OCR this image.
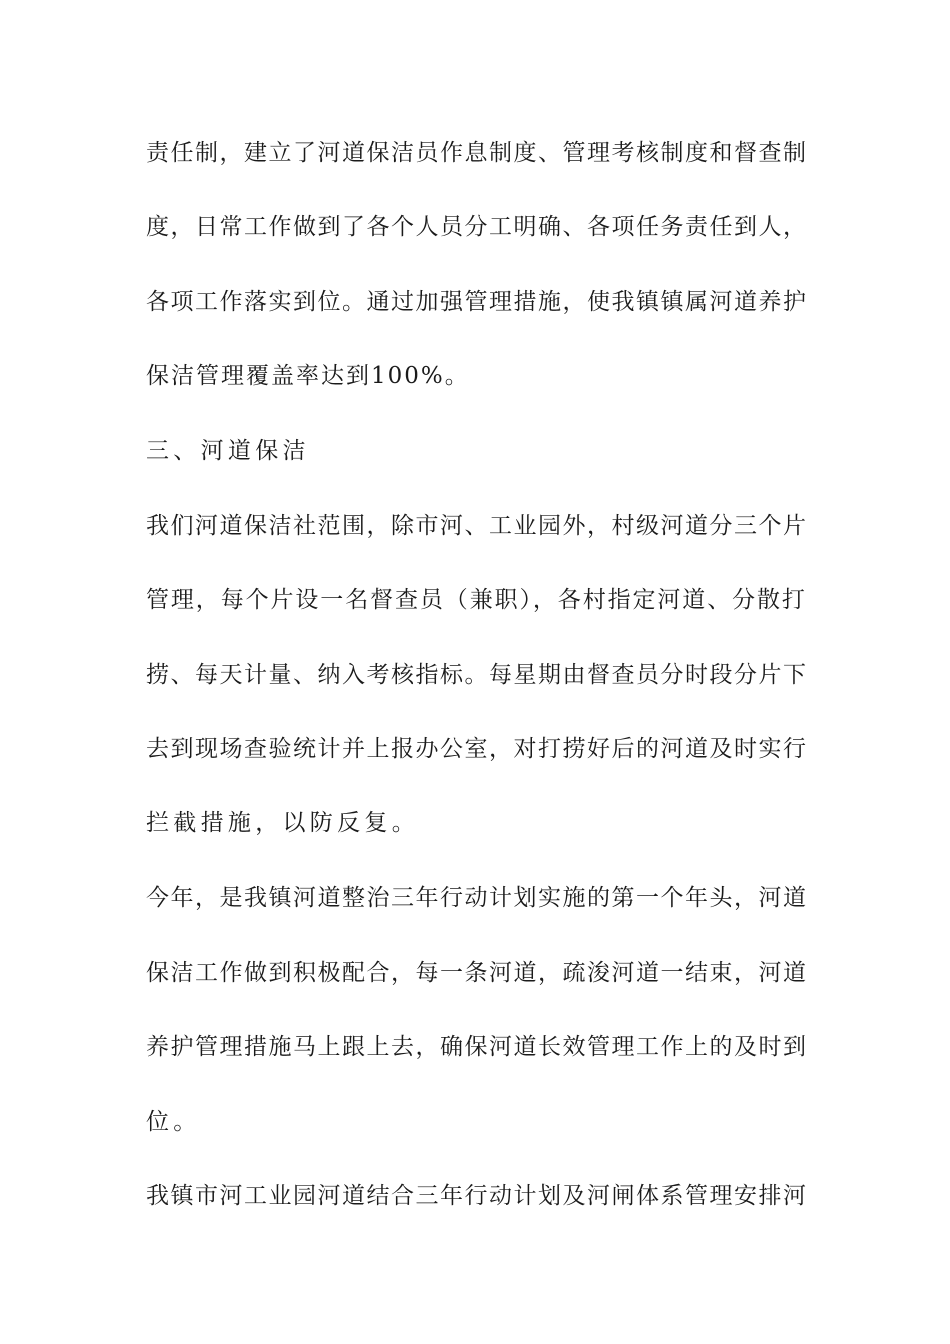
责任制，建立了河道保洁员作息制度、管理考核制度和督查制
度，日常工作做到了各个人员分工明确、各项任务责任到人，
各项工作落实到位。通过加强管理措施，使我镇镇属河道养护
保洁管理覆盖率达到100%。
三、河道保洁
我们河道保洁社范围，除市河、工业园外，村级河道分三个片
管理，每个片设一名督查员（兼职），各村指定河道、分散打
捞、每天计量、纳入考核指标。每星期由督查员分时段分片下
去到现场查验统计并上报办公室，对打捞好后的河道及时实行
拦截措施，以防反复。
今年，是我镇河道整治三年行动计划实施的第一个年头，河道
保洁工作做到积极配合，每一条河道，疏浚河道一结束，河道
养护管理措施马上跟上去，确保河道长效管理工作上的及时到
位。
我镇市河工业园河道结合三年行动计划及河闸体系管理安排河
